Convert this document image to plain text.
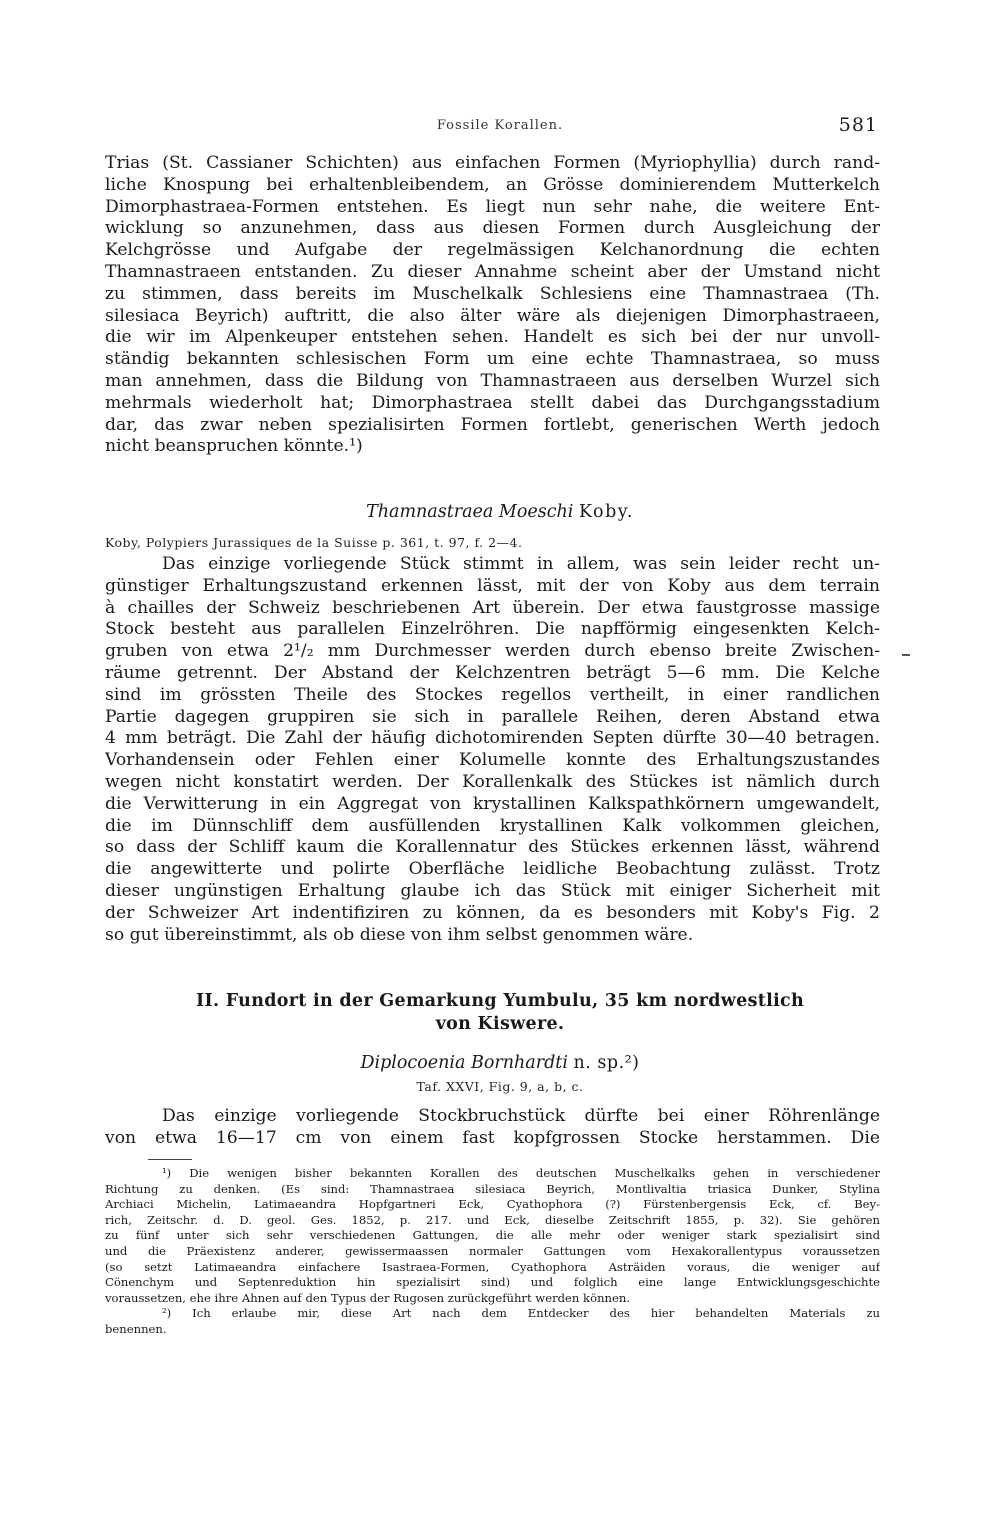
Fossile Korallen.	581
Trias (St. Cassianer Schichten) aus einfachen Formen (Myriophyllia) durch rand-
liche Knospung bei erhaltenbleibendem, an Grösse dominierendem Mutterkelch
Dimorphastraea-Formen entstehen. Es liegt nun sehr nahe, die weitere Ent-
wicklung so anzunehmen, dass aus diesen Formen durch Ausgleichung der
Kelchgrösse und Aufgabe der regelmässigen Kelchanordnung die echten
Thamnastraeen entstanden. Zu dieser Annahme scheint aber der Umstand nicht
zu stimmen, dass bereits im Muschelkalk Schlesiens eine Thamnastraea (Th.
silesiaca Beyrich) auftritt, die also älter wäre als diejenigen Dimorphastraeen,
die wir im Alpenkeuper entstehen sehen. Handelt es sich bei der nur unvoll-
ständig bekannten schlesischen Form um eine echte Thamnastraea, so muss
man annehmen, dass die Bildung von Thamnastraeen aus derselben Wurzel sich
mehrmals wiederholt hat; Dimorphastraea stellt dabei das Durchgangsstadium
dar, das zwar neben spezialisirten Formen fortlebt, generischen Werth jedoch
nicht beanspruchen könnte.¹)
Thamnastraea Moeschi Koby.
Koby, Polypiers Jurassiques de la Suisse p. 361, t. 97, f. 2—4.
Das einzige vorliegende Stück stimmt in allem, was sein leider recht un-
günstiger Erhaltungszustand erkennen lässt, mit der von Koby aus dem terrain
à chailles der Schweiz beschriebenen Art überein. Der etwa faustgrosse massige
Stock besteht aus parallelen Einzelröhren. Die napfförmig eingesenkten Kelch-
gruben von etwa 2¹/₂ mm Durchmesser werden durch ebenso breite Zwischen-
räume getrennt. Der Abstand der Kelchzentren beträgt 5—6 mm. Die Kelche
sind im grössten Theile des Stockes regellos vertheilt, in einer randlichen
Partie dagegen gruppiren sie sich in parallele Reihen, deren Abstand etwa
4 mm beträgt. Die Zahl der häufig dichotomirenden Septen dürfte 30—40 betragen.
Vorhandensein oder Fehlen einer Kolumelle konnte des Erhaltungszustandes
wegen nicht konstatirt werden. Der Korallenkalk des Stückes ist nämlich durch
die Verwitterung in ein Aggregat von krystallinen Kalkspathkörnern umgewandelt,
die im Dünnschliff dem ausfüllenden krystallinen Kalk volkommen gleichen,
so dass der Schliff kaum die Korallennatur des Stückes erkennen lässt, während
die angewitterte und polirte Oberfläche leidliche Beobachtung zulässt. Trotz
dieser ungünstigen Erhaltung glaube ich das Stück mit einiger Sicherheit mit
der Schweizer Art indentifiziren zu können, da es besonders mit Koby's Fig. 2
so gut übereinstimmt, als ob diese von ihm selbst genommen wäre.
II. Fundort in der Gemarkung Yumbulu, 35 km nordwestlich
von Kiswere.
Diplocoenia Bornhardti n. sp.²)
Taf. XXVI, Fig. 9, a, b, c.
Das einzige vorliegende Stockbruchstück dürfte bei einer Röhrenlänge
von etwa 16—17 cm von einem fast kopfgrossen Stocke herstammen. Die
¹) Die wenigen bisher bekannten Korallen des deutschen Muschelkalks gehen in verschiedener
Richtung zu denken. (Es sind: Thamnastraea silesiaca Beyrich, Montlivaltia triasica Dunker, Stylina
Archiaci Michelin, Latimaeandra Hopfgartneri Eck, Cyathophora (?) Fürstenbergensis Eck, cf. Bey-
rich, Zeitschr. d. D. geol. Ges. 1852, p. 217. und Eck, dieselbe Zeitschrift 1855, p. 32). Sie gehören
zu fünf unter sich sehr verschiedenen Gattungen, die alle mehr oder weniger stark spezialisirt sind
und die Präexistenz anderer, gewissermaassen normaler Gattungen vom Hexakorallentypus voraussetzen
(so setzt Latimaeandra einfachere Isastraea-Formen, Cyathophora Asträiden voraus, die weniger auf
Cönenchym und Septenreduktion hin spezialisirt sind) und folglich eine lange Entwicklungsgeschichte
voraussetzen, ehe ihre Ahnen auf den Typus der Rugosen zurückgeführt werden können.
²) Ich erlaube mir, diese Art nach dem Entdecker des hier behandelten Materials zu
benennen.
